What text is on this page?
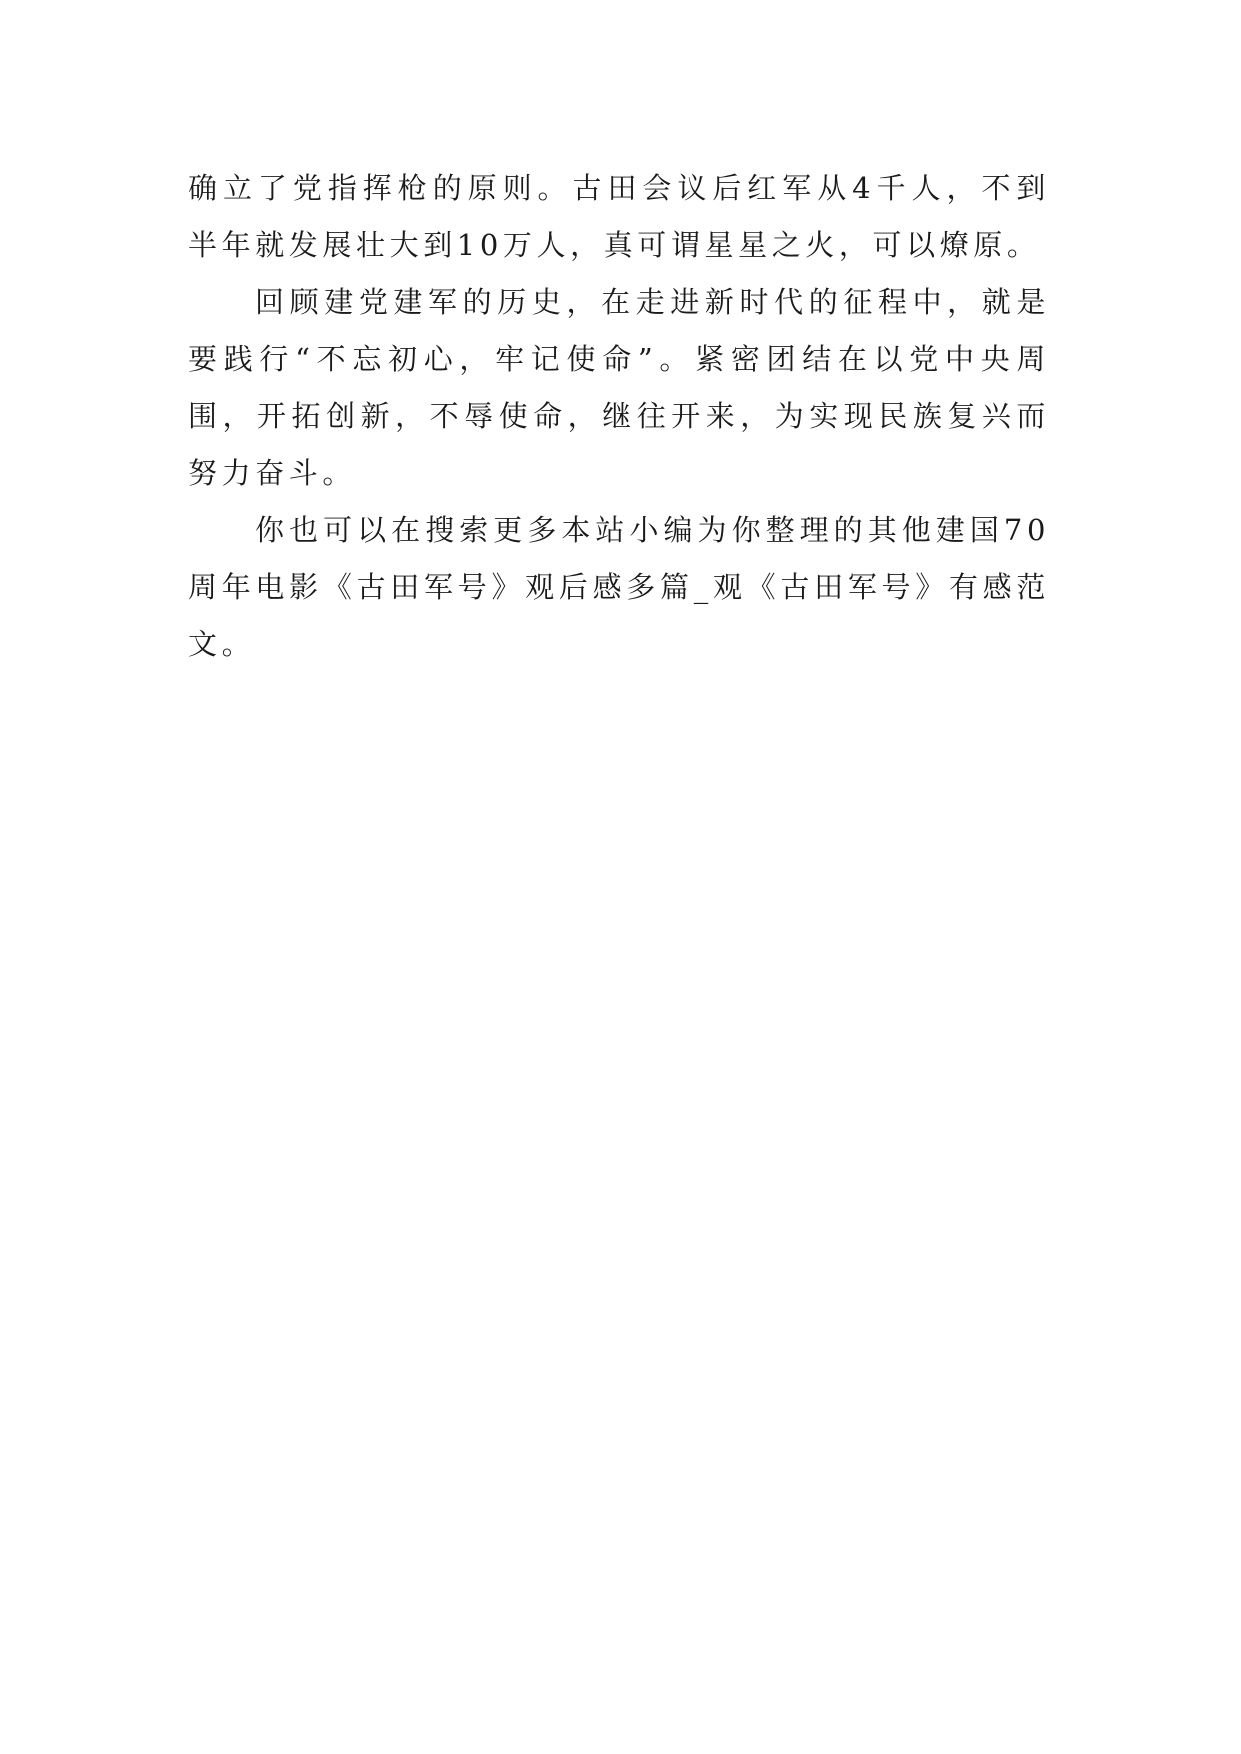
确立了党指挥枪的原则。古田会议后红军从4千人，不到半年就发展壮大到10万人，真可谓星星之火，可以燎原。

回顾建党建军的历史，在走进新时代的征程中，就是要践行“不忘初心，牢记使命”。紧密团结在以党中央周围，开拓创新，不辱使命，继往开来，为实现民族复兴而努力奋斗。

你也可以在搜索更多本站小编为你整理的其他建国70周年电影《古田军号》观后感多篇_观《古田军号》有感范文。
